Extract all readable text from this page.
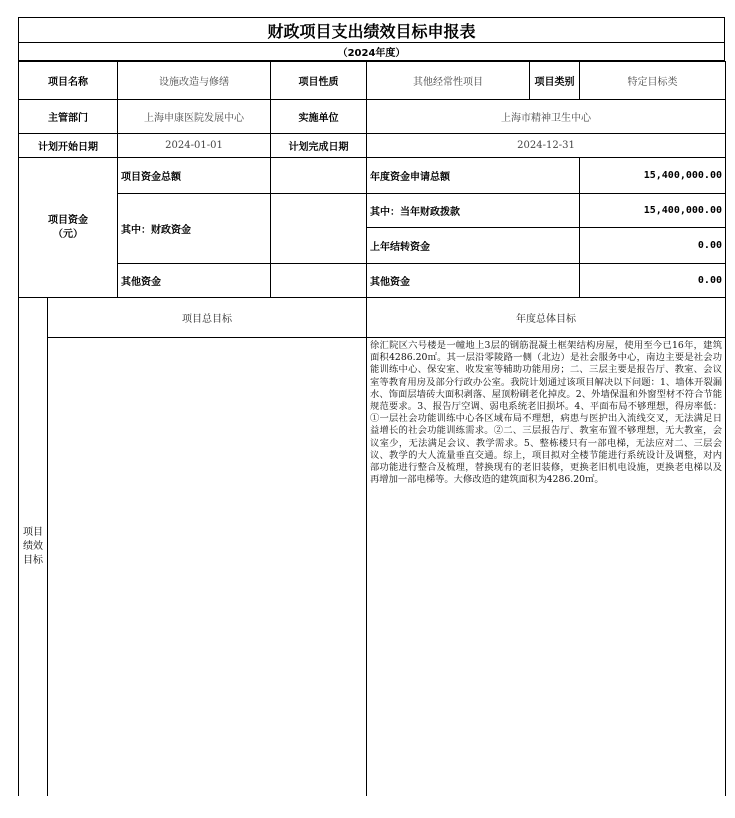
财政项目支出绩效目标申报表
（2024年度）
项目名称		设施改造与修缮	项目性质	其他经常性项目	项目类别	特定目标类
主管部门		上海申康医院发展中心	实施单位	上海市精神卫生中心		
计划开始日期		2024-01-01	计划完成日期	2024-12-31		
项目资金
（元）		项目资金总额		年度资金申请总额		15,400,000.00
		其中：财政资金		其中：当年财政拨款		15,400,000.00
				上年结转资金		0.00
		其他资金		其他资金		0.00
项目
绩效
目标	项目总目标			年度总体目标		
				徐汇院区六号楼是一幢地上3层的钢筋混凝土框架结构房屋，使用至今已16年，建筑面积4286.20㎡。其一层沿零陵路一侧（北边）是社会服务中心，南边主要是社会功能训练中心、保安室、收发室等辅助功能用房；二、三层主要是报告厅、教室、会议室等教育用房及部分行政办公室。我院计划通过该项目解决以下问题：1、墙体开裂漏水、饰面层墙砖大面积剥落、屋顶粉刷老化掉皮。2、外墙保温和外窗型材不符合节能规范要求。3、报告厅空调、弱电系统老旧损坏。4、平面布局不够理想，得房率低：①一层社会功能训练中心各区域布局不理想，病患与医护出入流线交叉，无法满足日益增长的社会功能训练需求。②二、三层报告厅、教室布置不够理想，无大教室，会议室少，无法满足会议、教学需求。5、整栋楼只有一部电梯，无法应对二、三层会议、教学的大人流量垂直交通。综上，项目拟对全楼节能进行系统设计及调整，对内部功能进行整合及梳理，替换现有的老旧装修，更换老旧机电设施，更换老电梯以及再增加一部电梯等。大修改造的建筑面积为4286.20㎡。		
